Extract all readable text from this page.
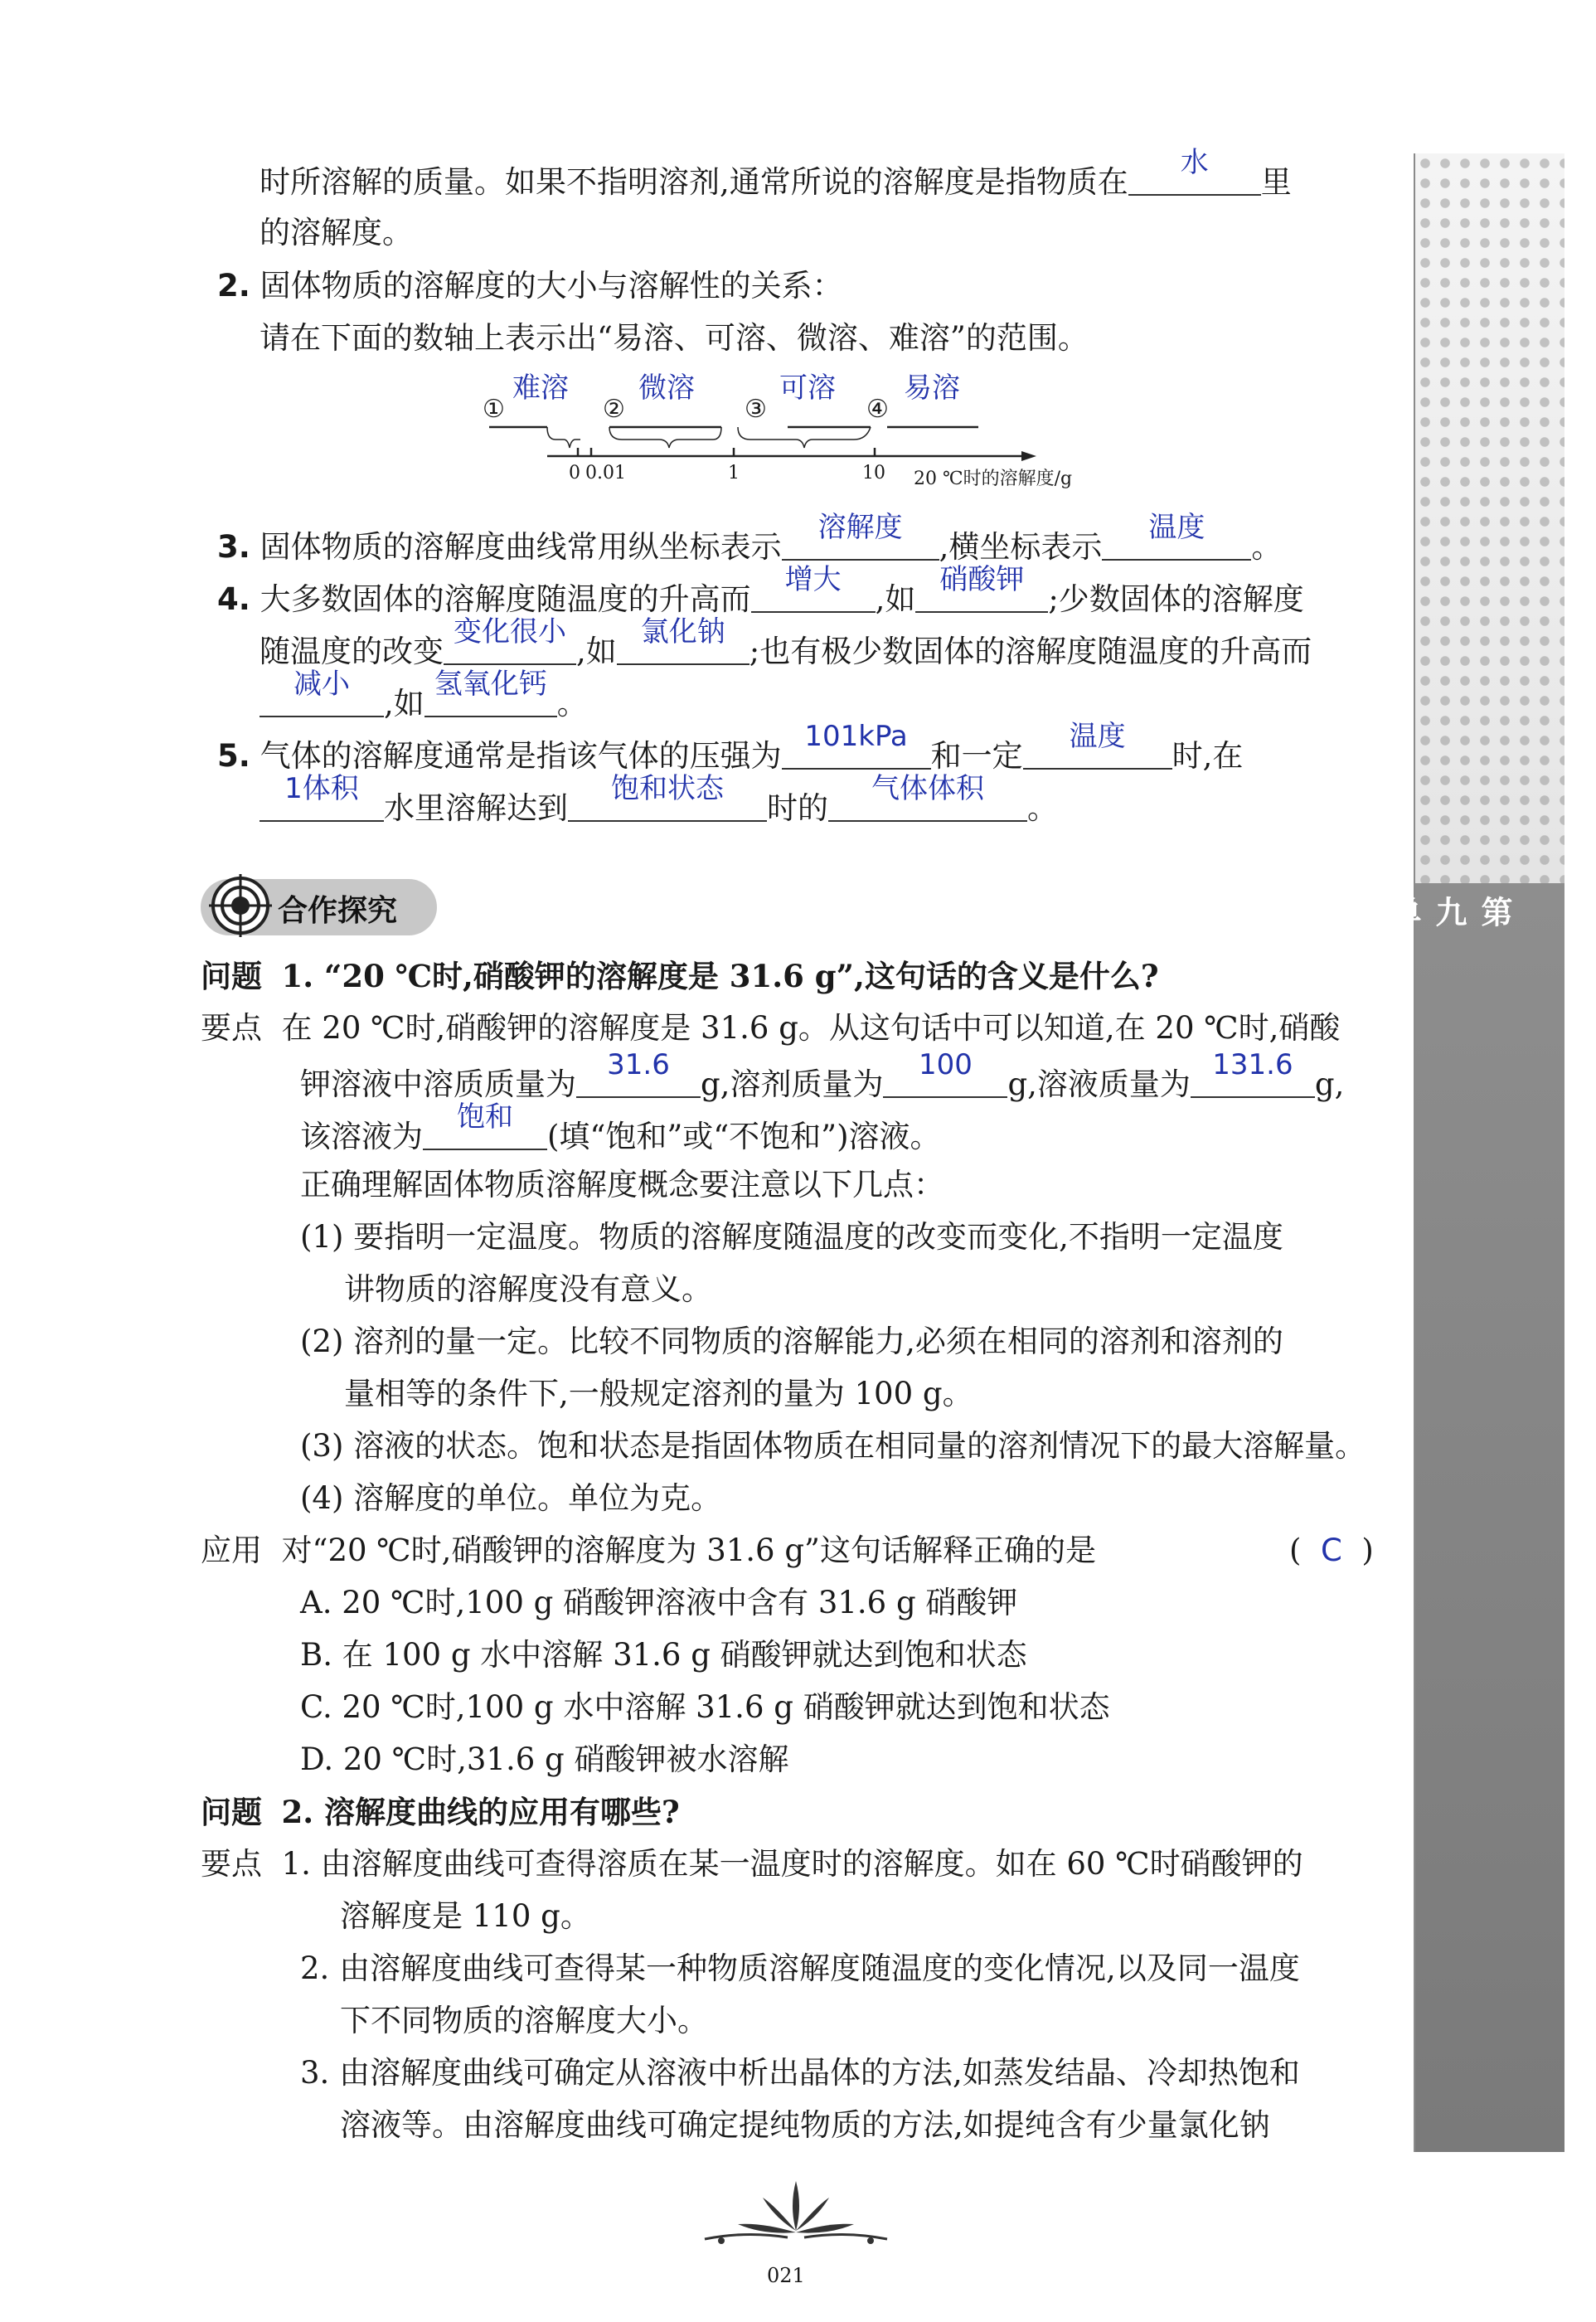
第
九
单
元
溶
液
时所溶解的质量。如果不指明溶剂,通常所说的溶解度是指物质在
水
里
的溶解度。
2. 固体物质的溶解度的大小与溶解性的关系：
请在下面的数轴上表示出“易溶、可溶、微溶、难溶”的范围。
①
难溶
②
微溶
③
可溶
④
易溶
0 0.01	1	10 20 ℃时的溶解度/g
3. 固体物质的溶解度曲线常用纵坐标表示
溶解度
,横坐标表示
温度
。
4. 大多数固体的溶解度随温度的升高而
增大
,如
硝酸钾
;少数固体的溶解度
随温度的改变
变化很小
,如
氯化钠
;也有极少数固体的溶解度随温度的升高而
减小
,如
氢氧化钙
。
5. 气体的溶解度通常是指该气体的压强为
101kPa
和一定
温度
时,在
1体积
水里溶解达到
饱和状态
时的
气体体积
。
合作探究
问题 1. “20 ℃时,硝酸钾的溶解度是 31.6 g”,这句话的含义是什么?
要点 在 20 ℃时,硝酸钾的溶解度是 31.6 g。从这句话中可以知道,在 20 ℃时,硝酸
钾溶液中溶质质量为
31.6
g,溶剂质量为
100
g,溶液质量为
131.6
g,
该溶液为
饱和
(填“饱和”或“不饱和”)溶液。
正确理解固体物质溶解度概念要注意以下几点：
(1) 要指明一定温度。物质的溶解度随温度的改变而变化,不指明一定温度
讲物质的溶解度没有意义。
(2) 溶剂的量一定。比较不同物质的溶解能力,必须在相同的溶剂和溶剂的
量相等的条件下,一般规定溶剂的量为 100 g。
(3) 溶液的状态。饱和状态是指固体物质在相同量的溶剂情况下的最大溶解量。
(4) 溶解度的单位。单位为克。
应用 对“20 ℃时,硝酸钾的溶解度为 31.6 g”这句话解释正确的是	(  C  )
A. 20 ℃时,100 g 硝酸钾溶液中含有 31.6 g 硝酸钾
B. 在 100 g 水中溶解 31.6 g 硝酸钾就达到饱和状态
C. 20 ℃时,100 g 水中溶解 31.6 g 硝酸钾就达到饱和状态
D. 20 ℃时,31.6 g 硝酸钾被水溶解
问题 2. 溶解度曲线的应用有哪些?
要点 1. 由溶解度曲线可查得溶质在某一温度时的溶解度。如在 60 ℃时硝酸钾的
溶解度是 110 g。
2. 由溶解度曲线可查得某一种物质溶解度随温度的变化情况,以及同一温度
下不同物质的溶解度大小。
3. 由溶解度曲线可确定从溶液中析出晶体的方法,如蒸发结晶、冷却热饱和
溶液等。由溶解度曲线可确定提纯物质的方法,如提纯含有少量氯化钠
021
